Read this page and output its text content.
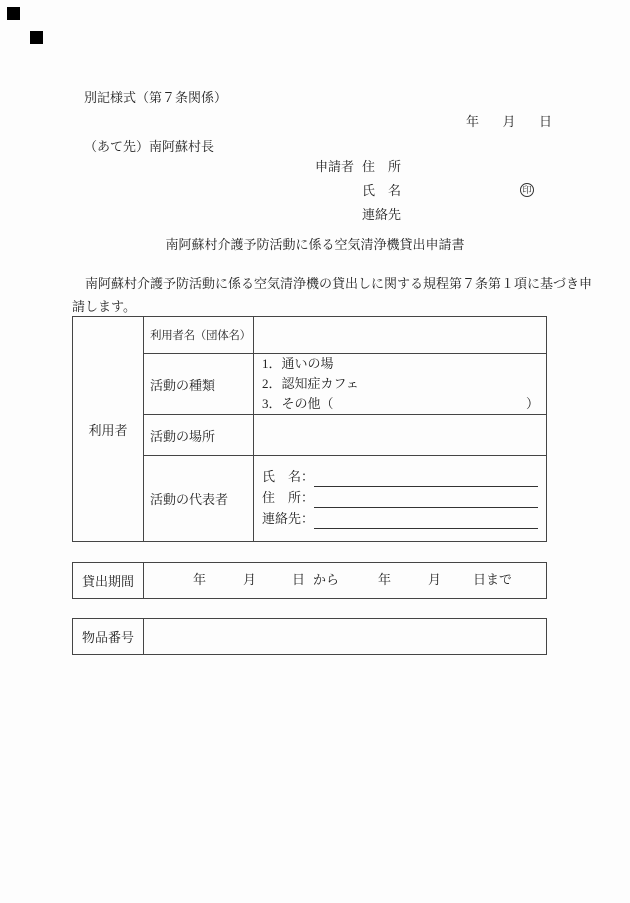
別記様式（第７条関係）
年 月 日
（あて先）南阿蘇村長
申請者 住　所
氏　名	印
連絡先
南阿蘇村介護予防活動に係る空気清浄機貸出申請書
　南阿蘇村介護予防活動に係る空気清浄機の貸出しに関する規程第７条第１項に基づき申
請します。
利用者	利用者名（団体名）	
	活動の種類	1．通いの場
2．認知症カフェ
3．その他（ ）

	活動の場所	
	活動の代表者	氏　名：
住　所：
連絡先：
貸出期間	年	月	日 から	年	月 日まで
物品番号	
